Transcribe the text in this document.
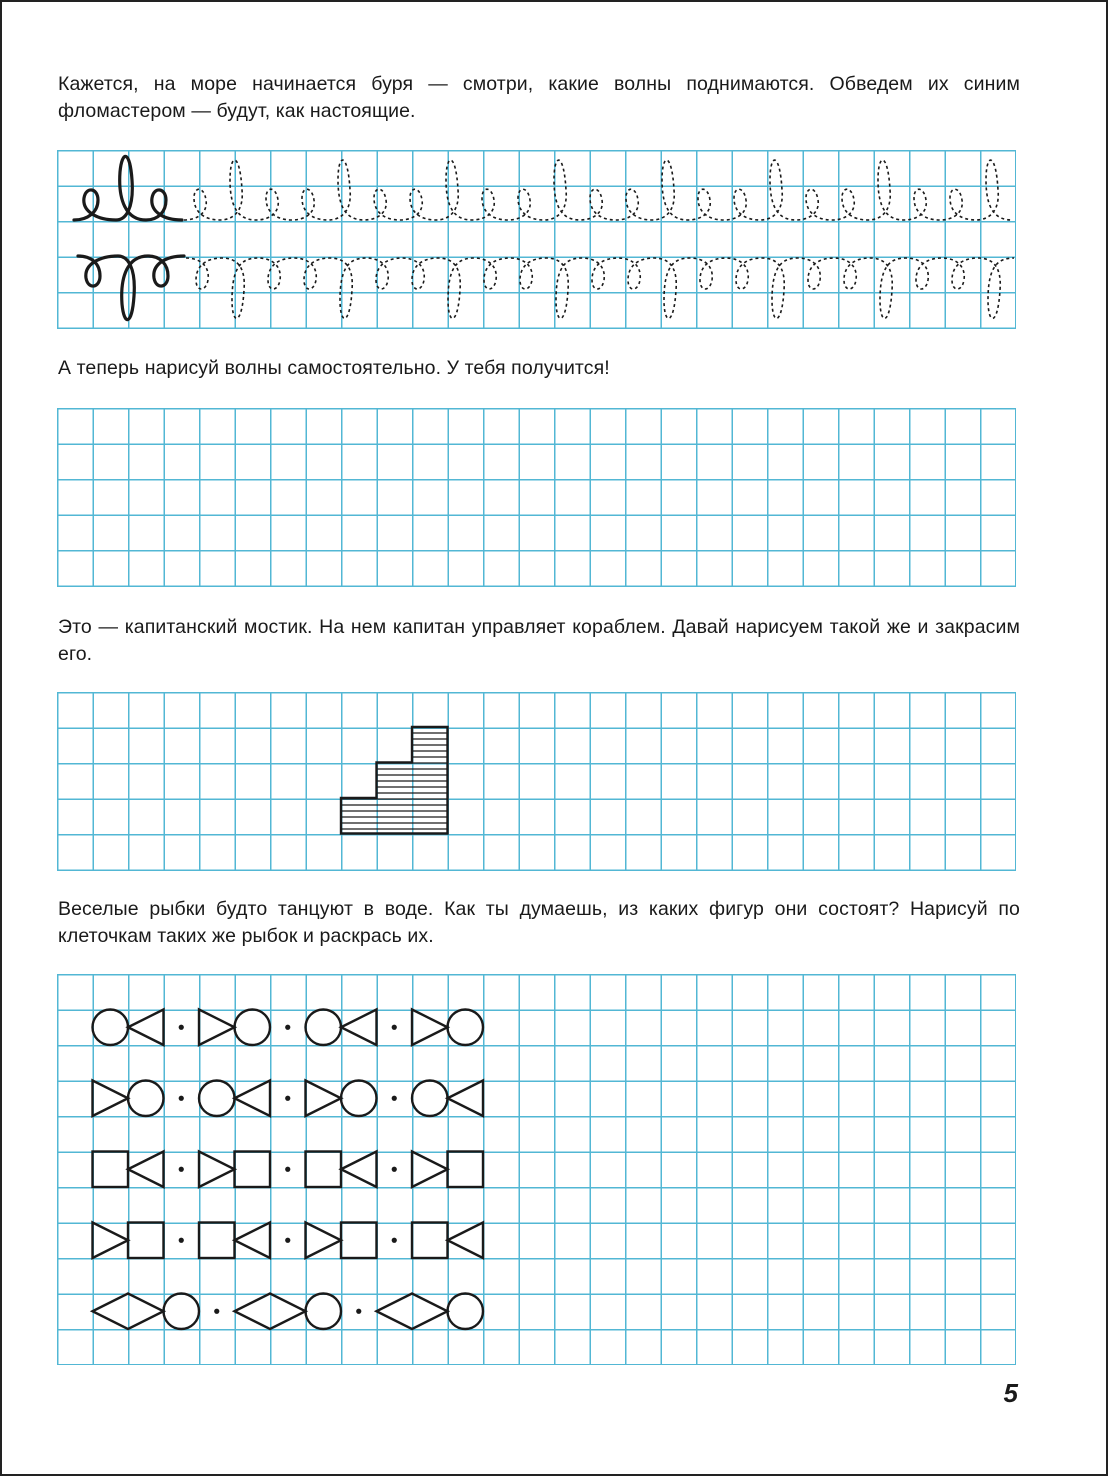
Кажется, на море начинается буря — смотри, какие волны поднимаются. Обведем их синим фломастером — будут, как настоящие.

А теперь нарисуй волны самостоятельно. У тебя получится!

Это — капитанский мостик. На нем капитан управляет кораблем. Давай нарисуем такой же и закрасим его.

Веселые рыбки будто танцуют в воде. Как ты думаешь, из каких фигур они состоят? Нарисуй по клеточкам таких же рыбок и раскрась их.

5
